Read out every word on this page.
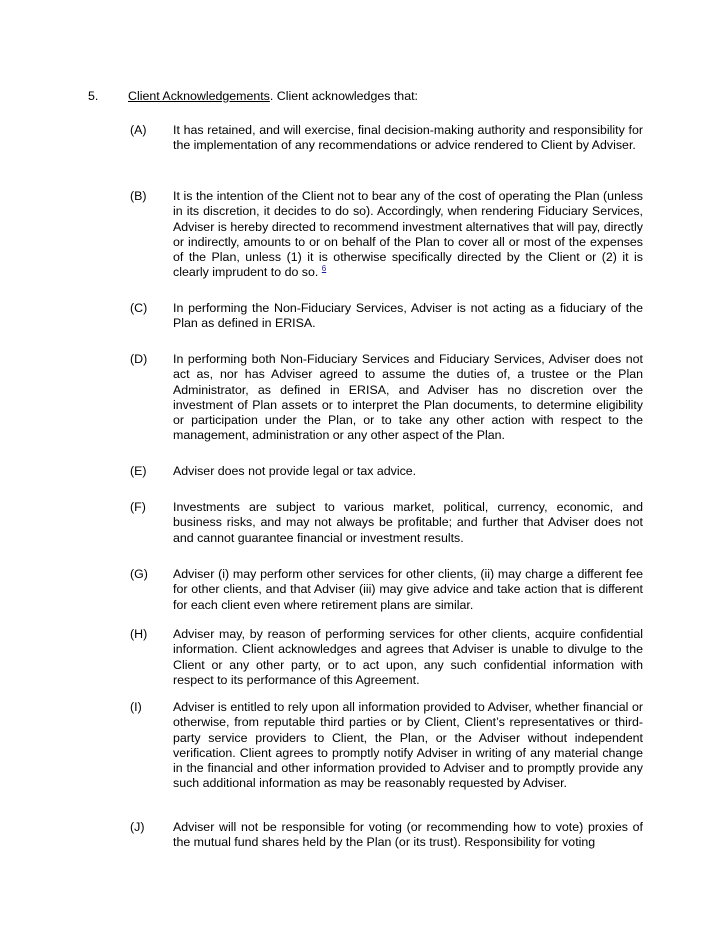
5. Client Acknowledgements. Client acknowledges that:
(A) It has retained, and will exercise, final decision-making authority and responsibility for the implementation of any recommendations or advice rendered to Client by Adviser.
(B) It is the intention of the Client not to bear any of the cost of operating the Plan (unless in its discretion, it decides to do so). Accordingly, when rendering Fiduciary Services, Adviser is hereby directed to recommend investment alternatives that will pay, directly or indirectly, amounts to or on behalf of the Plan to cover all or most of the expenses of the Plan, unless (1) it is otherwise specifically directed by the Client or (2) it is clearly imprudent to do so. $^6$
(C) In performing the Non-Fiduciary Services, Adviser is not acting as a fiduciary of the Plan as defined in ERISA.
(D) In performing both Non-Fiduciary Services and Fiduciary Services, Adviser does not act as, nor has Adviser agreed to assume the duties of, a trustee or the Plan Administrator, as defined in ERISA, and Adviser has no discretion over the investment of Plan assets or to interpret the Plan documents, to determine eligibility or participation under the Plan, or to take any other action with respect to the management, administration or any other aspect of the Plan.
(E) Adviser does not provide legal or tax advice.
(F) Investments are subject to various market, political, currency, economic, and business risks, and may not always be profitable; and further that Adviser does not and cannot guarantee financial or investment results.
(G) Adviser (i) may perform other services for other clients, (ii) may charge a different fee for other clients, and that Adviser (iii) may give advice and take action that is different for each client even where retirement plans are similar.
(H) Adviser may, by reason of performing services for other clients, acquire confidential information. Client acknowledges and agrees that Adviser is unable to divulge to the Client or any other party, or to act upon, any such confidential information with respect to its performance of this Agreement.
(I)	Adviser is entitled to rely upon all information provided to Adviser, whether financial or otherwise, from reputable third parties or by Client, Client’s representatives or third-party service providers to Client, the Plan, or the Adviser without independent verification. Client agrees to promptly notify Adviser in writing of any material change in the financial and other information provided to Adviser and to promptly provide any such additional information as may be reasonably requested by Adviser.
(J) Adviser will not be responsible for voting (or recommending how to vote) proxies of the mutual fund shares held by the Plan (or its trust). Responsibility for voting
